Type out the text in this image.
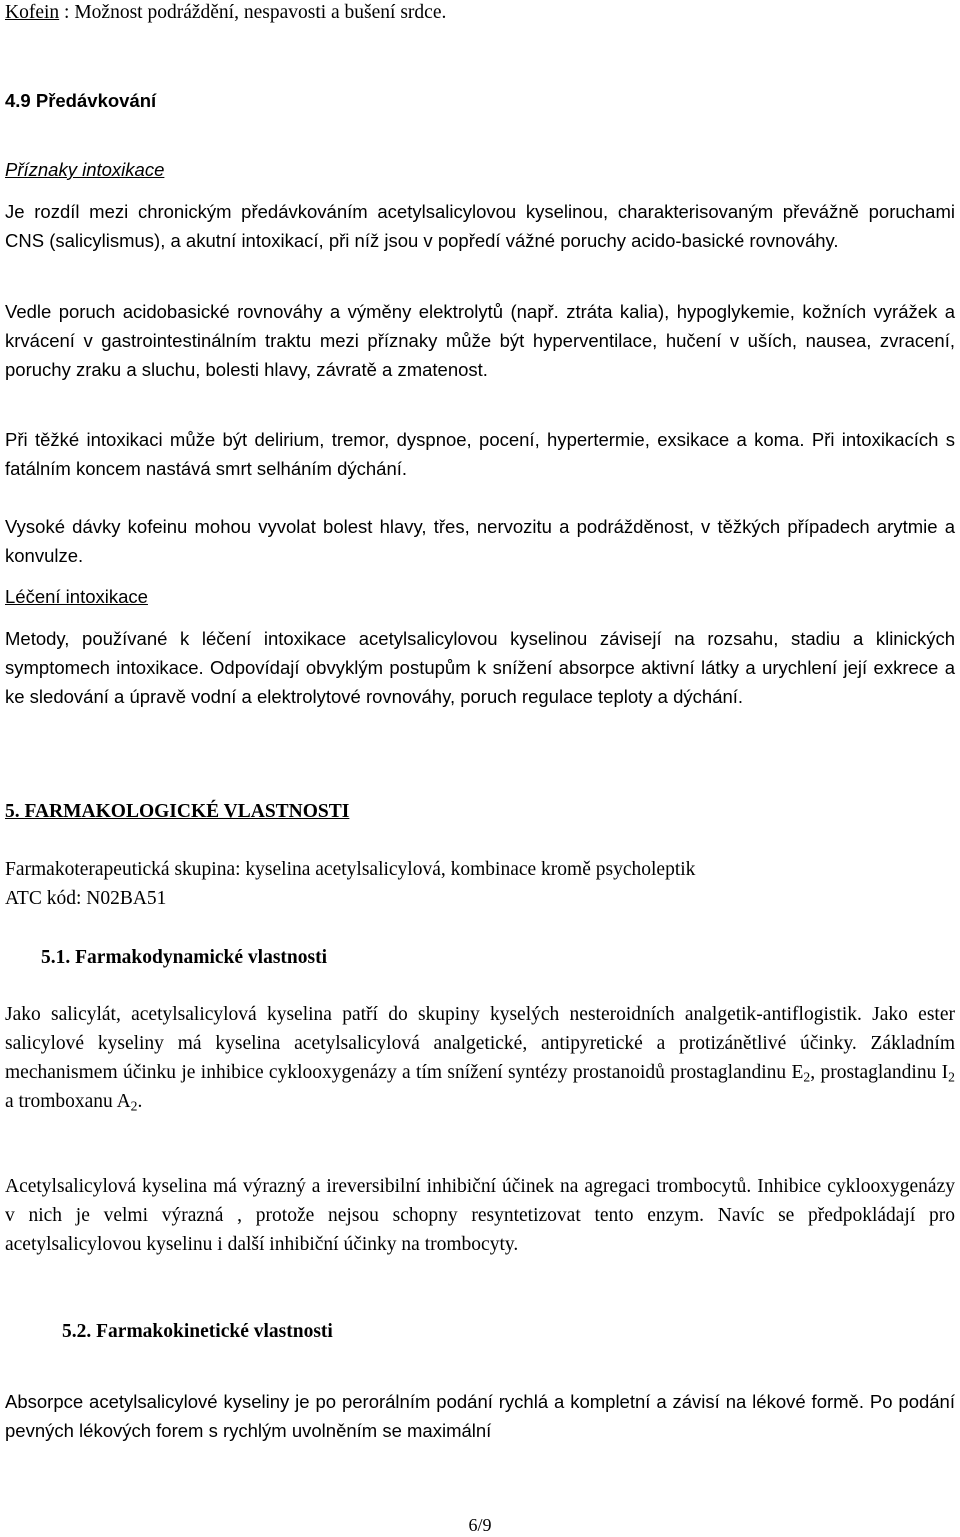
Kofein : Možnost podráždění, nespavosti a bušení srdce.
4.9 Předávkování
Příznaky intoxikace
Je rozdíl mezi chronickým předávkováním acetylsalicylovou kyselinou, charakterisovaným převážně poruchami CNS (salicylismus), a akutní intoxikací, při níž jsou v popředí vážné poruchy acido-basické rovnováhy.
Vedle poruch acidobasické rovnováhy a výměny elektrolytů (např. ztráta kalia), hypoglykemie, kožních vyrážek a krvácení v gastrointestinálním traktu mezi příznaky může být hyperventilace, hučení v uších, nausea, zvracení, poruchy zraku a sluchu, bolesti hlavy, závratě a zmatenost.
Při těžké intoxikaci může být delirium, tremor, dyspnoe, pocení, hypertermie, exsikace a koma. Při intoxikacích s fatálním koncem nastává smrt selháním dýchání.
Vysoké dávky kofeinu mohou vyvolat bolest hlavy, třes, nervozitu a podrážděnost, v těžkých případech arytmie a konvulze.
Léčení intoxikace
Metody, používané k léčení intoxikace acetylsalicylovou kyselinou závisejí na rozsahu, stadiu a klinických symptomech intoxikace. Odpovídají obvyklým postupům k snížení absorpce aktivní látky a urychlení její exkrece a ke sledování a úpravě vodní a elektrolytové rovnováhy, poruch regulace teploty a dýchání.
5. FARMAKOLOGICKÉ VLASTNOSTI
Farmakoterapeutická skupina: kyselina acetylsalicylová, kombinace kromě psycholeptik
ATC kód: N02BA51
5.1. Farmakodynamické vlastnosti
Jako salicylát, acetylsalicylová kyselina patří do skupiny kyselých nesteroidních analgetik-antiflogistik. Jako ester salicylové kyseliny má kyselina acetylsalicylová analgetické, antipyretické a protizánětlivé účinky. Základním mechanismem účinku je inhibice cyklooxygenázy a tím snížení syntézy prostanoidů prostaglandinu $E_2$, prostaglandinu $I_2$ a tromboxanu $A_2$.
Acetylsalicylová kyselina má výrazný a ireversibilní inhibiční účinek na agregaci trombocytů. Inhibice cyklooxygenázy v nich je velmi výrazná , protože nejsou schopny resyntetizovat tento enzym. Navíc se předpokládají pro acetylsalicylovou kyselinu i další inhibiční účinky na trombocyty.
5.2. Farmakokinetické vlastnosti
Absorpce acetylsalicylové kyseliny je po perorálním podání rychlá a kompletní a závisí na lékové formě. Po podání pevných lékových forem s rychlým uvolněním se maximální
6/9
